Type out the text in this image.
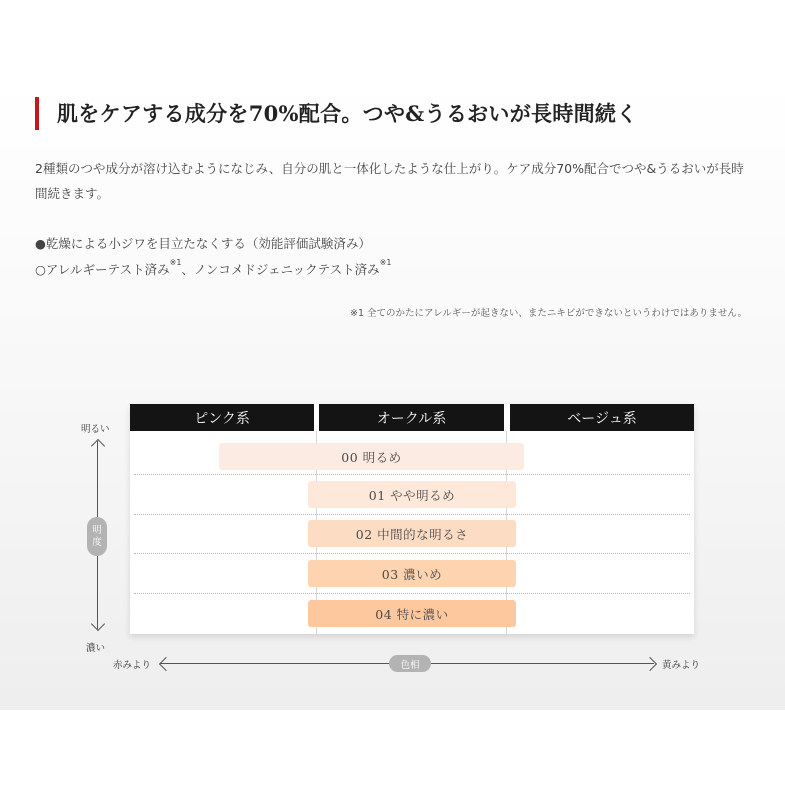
肌をケアする成分を70%配合。つや&うるおいが長時間続く

2種類のつや成分が溶け込むようになじみ、自分の肌と一体化したような仕上がり。ケア成分70%配合でつや&うるおいが長時間続きます。

●乾燥による小ジワを目立たなくする（効能評価試験済み）

○アレルギーテスト済み$^{※1}$、ノンコメドジェニックテスト済み$^{※1}$

※1 全てのかたにアレルギーが起きない、またニキビができないというわけではありません。

ピンク系	オークル系	ベージュ系
00 明るめ
01 やや明るめ
02 中間的な明るさ
03 濃いめ
04 特に濃い
明るい
明
度
濃い
赤みより	色相	黄みより
